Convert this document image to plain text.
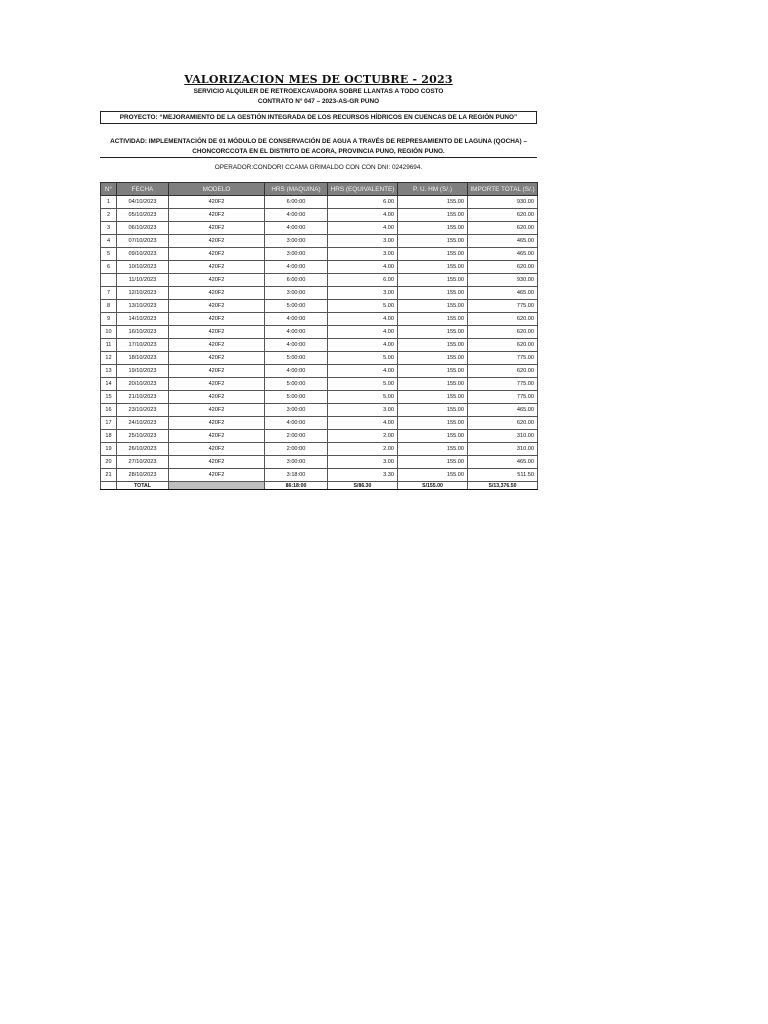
VALORIZACION MES DE OCTUBRE - 2023
SERVICIO ALQUILER DE RETROEXCAVADORA SOBRE LLANTAS A TODO COSTO
CONTRATO N° 047 – 2023-AS-GR PUNO
PROYECTO: “MEJORAMIENTO DE LA GESTIÓN INTEGRADA DE LOS RECURSOS HÍDRICOS EN CUENCAS DE LA REGIÓN PUNO”
ACTIVIDAD: IMPLEMENTACIÓN DE 01 MÓDULO DE CONSERVACIÓN DE AGUA A TRAVÉS DE REPRESAMIENTO DE LAGUNA (QOCHA) –
CHONCORCCOTA EN EL DISTRITO DE ACORA, PROVINCIA PUNO, REGIÓN PUNO.
OPERADOR:CONDORI CCAMA GRIMALDO CON CON DNI: 02429694.
N°	FECHA	MODELO	HRS (MAQUINA)	HRS (EQUIVALENTE)	P. U. HM (S/.)	IMPORTE TOTAL (S/.)
1	04/10/2023	420F2	6:00:00	6.00	155.00	930.00
2	05/10/2023	420F2	4:00:00	4.00	155.00	620.00
3	06/10/2023	420F2	4:00:00	4.00	155.00	620.00
4	07/10/2023	420F2	3:00:00	3.00	155.00	465.00
5	09/10/2023	420F2	3:00:00	3.00	155.00	465.00
6	10/10/2023	420F2	4:00:00	4.00	155.00	620.00
	11/10/2023	420F2	6:00:00	6.00	155.00	930.00
7	12/10/2023	420F2	3:00:00	3.00	155.00	465.00
8	13/10/2023	420F2	5:00:00	5.00	155.00	775.00
9	14/10/2023	420F2	4:00:00	4.00	155.00	620.00
10	16/10/2023	420F2	4:00:00	4.00	155.00	620.00
11	17/10/2023	420F2	4:00:00	4.00	155.00	620.00
12	18/10/2023	420F2	5:00:00	5.00	155.00	775.00
13	19/10/2023	420F2	4:00:00	4.00	155.00	620.00
14	20/10/2023	420F2	5:00:00	5.00	155.00	775.00
15	21/10/2023	420F2	5:00:00	5.00	155.00	775.00
16	23/10/2023	420F2	3:00:00	3.00	155.00	465.00
17	24/10/2023	420F2	4:00:00	4.00	155.00	620.00
18	25/10/2023	420F2	2:00:00	2.00	155.00	310.00
19	26/10/2023	420F2	2:00:00	2.00	155.00	310.00
20	27/10/2023	420F2	3:00:00	3.00	155.00	465.00
21	28/10/2023	420F2	3:18:00	3.30	155.00	511.50
	TOTAL		86:18:00	S/86.30	S/155.00	S/13,376.50
